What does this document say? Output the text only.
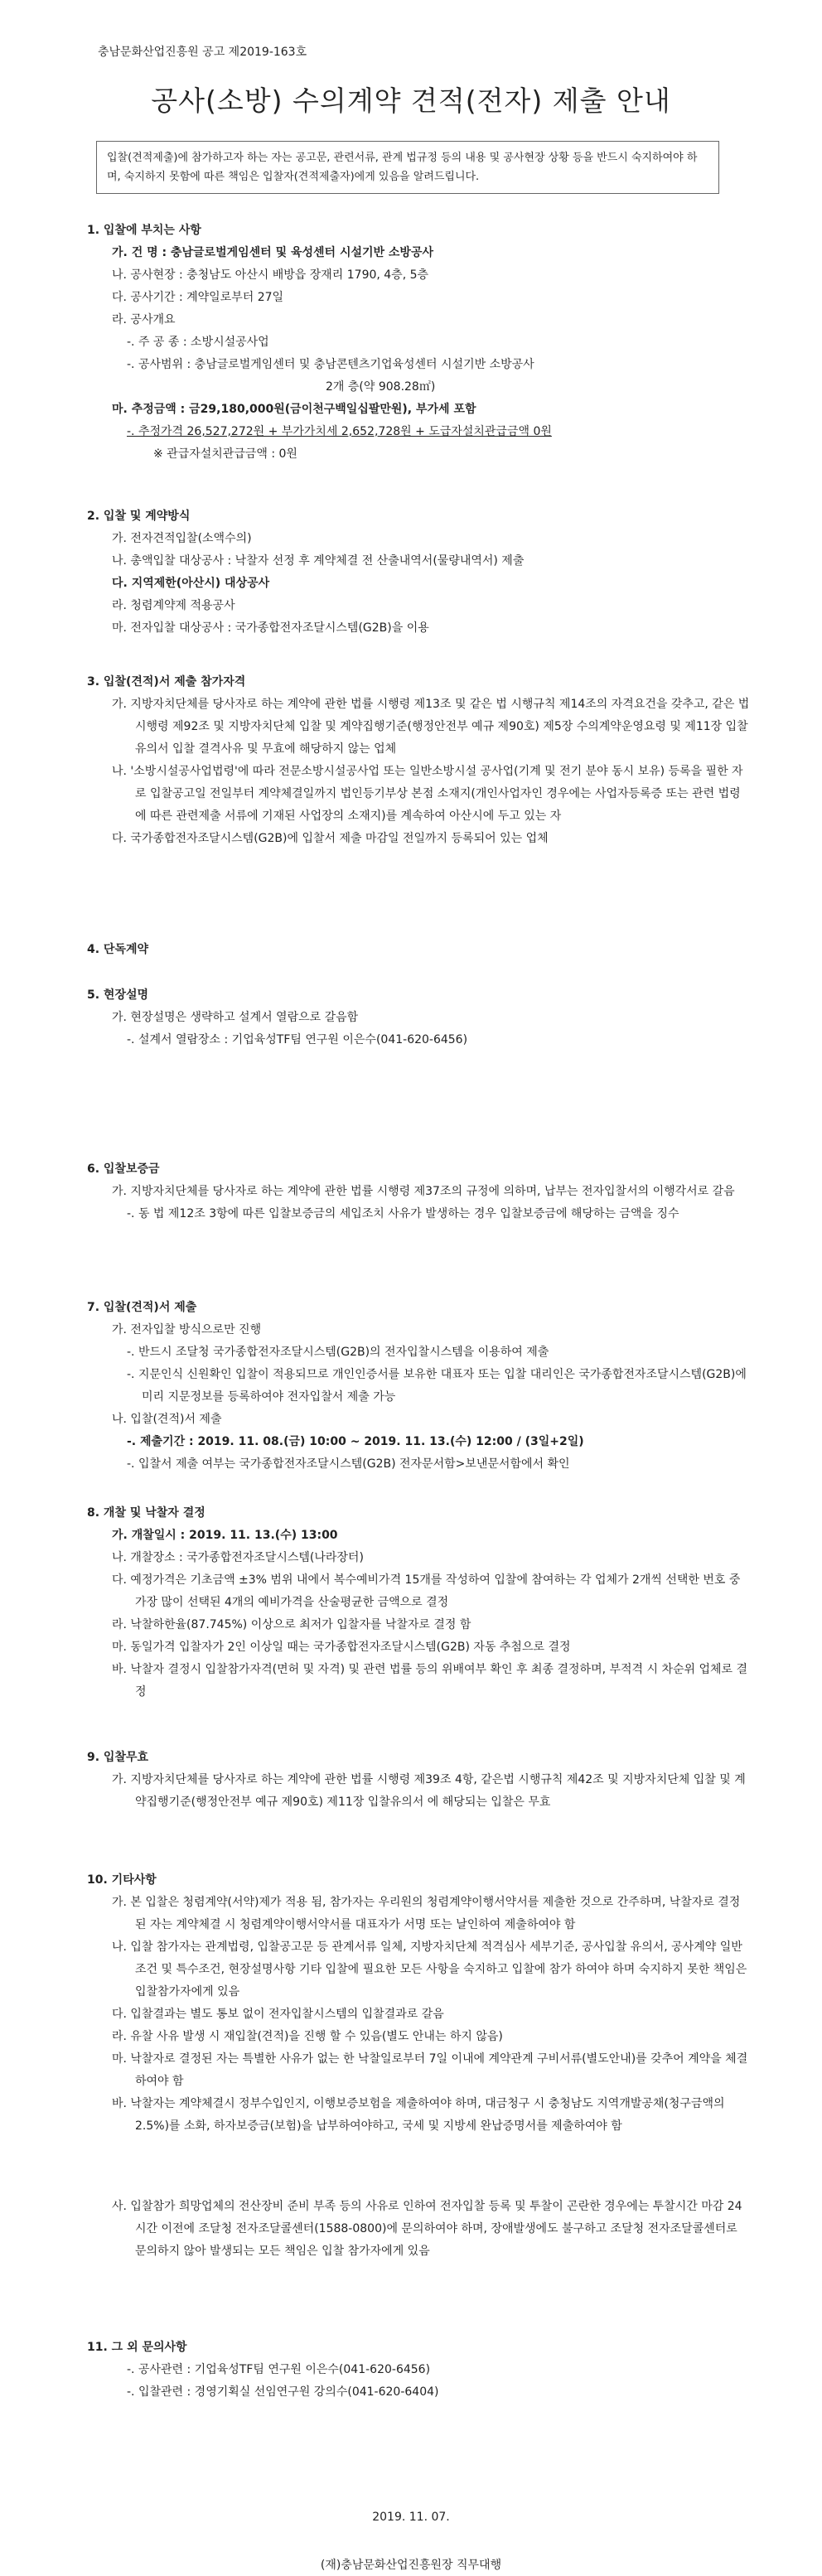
충남문화산업진흥원 공고 제2019-163호
공사(소방) 수의계약 견적(전자) 제출 안내
입찰(견적제출)에 참가하고자 하는 자는 공고문, 관련서류, 관계 법규정 등의 내용 및 공사현장 상황 등을 반드시 숙지하여야 하며, 숙지하지 못함에 따른 책임은 입찰자(견적제출자)에게 있음을 알려드립니다.

1. 입찰에 부치는 사항

가. 건 명 : 충남글로벌게임센터 및 육성센터 시설기반 소방공사

나. 공사현장 : 충청남도 아산시 배방읍 장재리 1790, 4층, 5층

다. 공사기간 : 계약일로부터 27일

라. 공사개요

-. 주 공 종 : 소방시설공사업

-. 공사범위 : 충남글로벌게임센터 및 충남콘텐츠기업육성센터 시설기반 소방공사

2개 층(약 908.28㎡)

마. 추정금액 : 금29,180,000원(금이천구백일십팔만원), 부가세 포함

-. 추정가격 26,527,272원 + 부가가치세 2,652,728원 + 도급자설치관급금액 0원

※ 관급자설치관급금액 : 0원

2. 입찰 및 계약방식

가. 전자견적입찰(소액수의)

나. 총액입찰 대상공사 : 낙찰자 선정 후 계약체결 전 산출내역서(물량내역서) 제출

다. 지역제한(아산시) 대상공사

라. 청렴계약제 적용공사

마. 전자입찰 대상공사 : 국가종합전자조달시스템(G2B)을 이용

3. 입찰(견적)서 제출 참가자격

가. 지방자치단체를 당사자로 하는 계약에 관한 법률 시행령 제13조 및 같은 법 시행규칙 제14조의 자격요건을 갖추고, 같은 법 시행령 제92조 및 지방자치단체 입찰 및 계약집행기준(행정안전부 예규 제90호) 제5장 수의계약운영요령 및 제11장 입찰유의서 입찰 결격사유 및 무효에 해당하지 않는 업체

나. '소방시설공사업법령'에 따라 전문소방시설공사업 또는 일반소방시설 공사업(기계 및 전기 분야 동시 보유) 등록을 필한 자로 입찰공고일 전일부터 계약체결일까지 법인등기부상 본점 소재지(개인사업자인 경우에는 사업자등록증 또는 관련 법령에 따른 관련제출 서류에 기재된 사업장의 소재지)를 계속하여 아산시에 두고 있는 자

다. 국가종합전자조달시스템(G2B)에 입찰서 제출 마감일 전일까지 등록되어 있는 업체

4. 단독계약

5. 현장설명

가. 현장설명은 생략하고 설계서 열람으로 갈음함

-. 설계서 열람장소 : 기업육성TF팀 연구원 이은수(041-620-6456)

6. 입찰보증금

가. 지방자치단체를 당사자로 하는 계약에 관한 법률 시행령 제37조의 규정에 의하며, 납부는 전자입찰서의 이행각서로 갈음

-. 동 법 제12조 3항에 따른 입찰보증금의 세입조치 사유가 발생하는 경우 입찰보증금에 해당하는 금액을 징수

7. 입찰(견적)서 제출

가. 전자입찰 방식으로만 진행

-. 반드시 조달청 국가종합전자조달시스템(G2B)의 전자입찰시스템을 이용하여 제출

-. 지문인식 신원확인 입찰이 적용되므로 개인인증서를 보유한 대표자 또는 입찰 대리인은 국가종합전자조달시스템(G2B)에 미리 지문정보를 등록하여야 전자입찰서 제출 가능

나. 입찰(견적)서 제출

-. 제출기간 : 2019. 11. 08.(금) 10:00 ~ 2019. 11. 13.(수) 12:00 / (3일+2일)

-. 입찰서 제출 여부는 국가종합전자조달시스템(G2B) 전자문서함>보낸문서함에서 확인

8. 개찰 및 낙찰자 결정

가. 개찰일시 : 2019. 11. 13.(수) 13:00

나. 개찰장소 : 국가종합전자조달시스템(나라장터)

다. 예정가격은 기초금액 ±3% 범위 내에서 복수예비가격 15개를 작성하여 입찰에 참여하는 각 업체가 2개씩 선택한 번호 중 가장 많이 선택된 4개의 예비가격을 산술평균한 금액으로 결정

라. 낙찰하한율(87.745%) 이상으로 최저가 입찰자를 낙찰자로 결정 함

마. 동일가격 입찰자가 2인 이상일 때는 국가종합전자조달시스템(G2B) 자동 추첨으로 결정

바. 낙찰자 결정시 입찰참가자격(면허 및 자격) 및 관련 법률 등의 위배여부 확인 후 최종 결정하며, 부적격 시 차순위 업체로 결정

9. 입찰무효

가. 지방자치단체를 당사자로 하는 계약에 관한 법률 시행령 제39조 4항, 같은법 시행규칙 제42조 및 지방자치단체 입찰 및 계약집행기준(행정안전부 예규 제90호) 제11장 입찰유의서 에 해당되는 입찰은 무효

10. 기타사항

가. 본 입찰은 청렴계약(서약)제가 적용 됨, 참가자는 우리원의 청렴계약이행서약서를 제출한 것으로 간주하며, 낙찰자로 결정된 자는 계약체결 시 청렴계약이행서약서를 대표자가 서명 또는 날인하여 제출하여야 함

나. 입찰 참가자는 관계법령, 입찰공고문 등 관계서류 일체, 지방자치단체 적격심사 세부기준, 공사입찰 유의서, 공사계약 일반조건 및 특수조건, 현장설명사항 기타 입찰에 필요한 모든 사항을 숙지하고 입찰에 참가 하여야 하며 숙지하지 못한 책임은 입찰참가자에게 있음

다. 입찰결과는 별도 통보 없이 전자입찰시스템의 입찰결과로 갈음

라. 유찰 사유 발생 시 재입찰(견적)을 진행 할 수 있음(별도 안내는 하지 않음)

마. 낙찰자로 결정된 자는 특별한 사유가 없는 한 낙찰일로부터 7일 이내에 계약관계 구비서류(별도안내)를 갖추어 계약을 체결하여야 함

바. 낙찰자는 계약체결시 정부수입인지, 이행보증보험을 제출하여야 하며, 대금청구 시 충청남도 지역개발공채(청구금액의 2.5%)를 소화, 하자보증금(보험)을 납부하여야하고, 국세 및 지방세 완납증명서를 제출하여야 함

사. 입찰참가 희망업체의 전산장비 준비 부족 등의 사유로 인하여 전자입찰 등록 및 투찰이 곤란한 경우에는 투찰시간 마감 24시간 이전에 조달청 전자조달콜센터(1588-0800)에 문의하여야 하며, 장애발생에도 불구하고 조달청 전자조달콜센터로 문의하지 않아 발생되는 모든 책임은 입찰 참가자에게 있음

11. 그 외 문의사항

-. 공사관련 : 기업육성TF팀 연구원 이은수(041-620-6456)

-. 입찰관련 : 경영기획실 선임연구원 강의수(041-620-6404)

2019. 11. 07.
(재)충남문화산업진흥원장 직무대행
